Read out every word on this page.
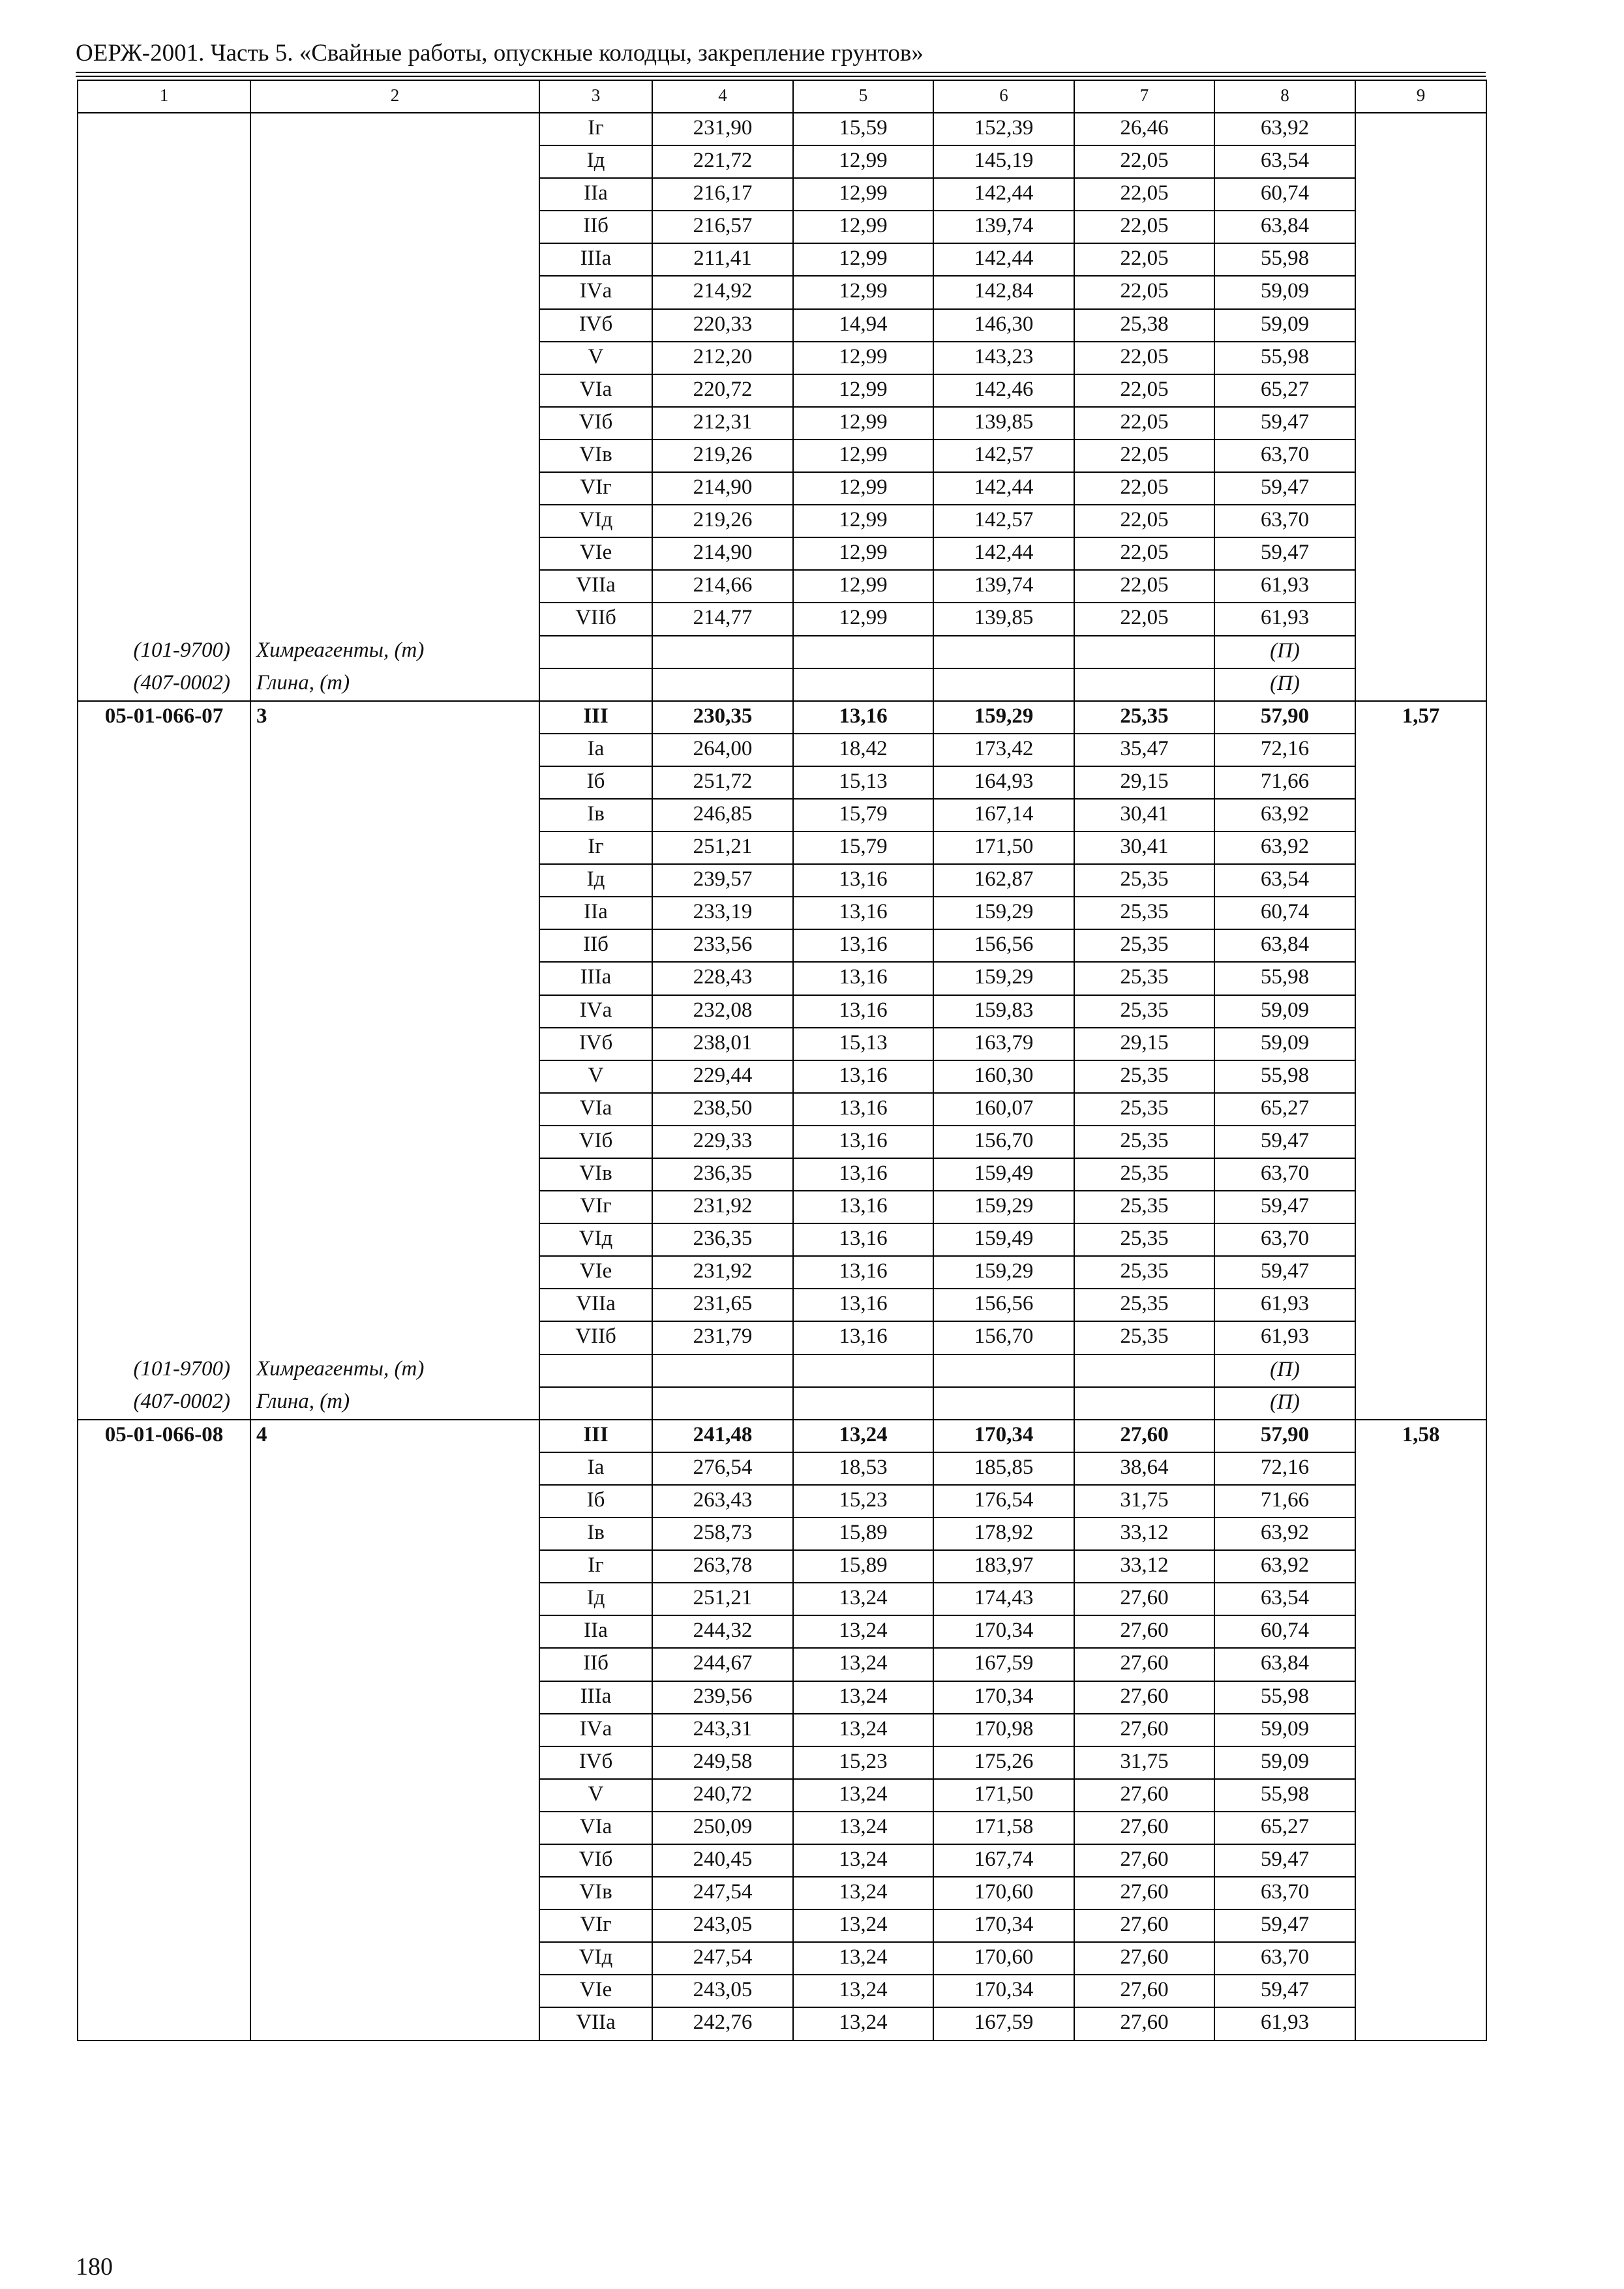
ОЕРЖ-2001. Часть 5. «Свайные работы, опускные колодцы, закрепление грунтов»
1	2	3	4	5	6	7	8	9
		Iг	231,90	15,59	152,39	26,46	63,92	
		Iд	221,72	12,99	145,19	22,05	63,54	
		IIа	216,17	12,99	142,44	22,05	60,74	
		IIб	216,57	12,99	139,74	22,05	63,84	
		IIIа	211,41	12,99	142,44	22,05	55,98	
		IVа	214,92	12,99	142,84	22,05	59,09	
		IVб	220,33	14,94	146,30	25,38	59,09	
		V	212,20	12,99	143,23	22,05	55,98	
		VIа	220,72	12,99	142,46	22,05	65,27	
		VIб	212,31	12,99	139,85	22,05	59,47	
		VIв	219,26	12,99	142,57	22,05	63,70	
		VIг	214,90	12,99	142,44	22,05	59,47	
		VIд	219,26	12,99	142,57	22,05	63,70	
		VIе	214,90	12,99	142,44	22,05	59,47	
		VIIа	214,66	12,99	139,74	22,05	61,93	
		VIIб	214,77	12,99	139,85	22,05	61,93	
(101-9700)	Химреагенты, (т)						(П)	
(407-0002)	Глина, (т)						(П)	
05-01-066-07	3	III	230,35	13,16	159,29	25,35	57,90	1,57
		Iа	264,00	18,42	173,42	35,47	72,16	
		Iб	251,72	15,13	164,93	29,15	71,66	
		Iв	246,85	15,79	167,14	30,41	63,92	
		Iг	251,21	15,79	171,50	30,41	63,92	
		Iд	239,57	13,16	162,87	25,35	63,54	
		IIа	233,19	13,16	159,29	25,35	60,74	
		IIб	233,56	13,16	156,56	25,35	63,84	
		IIIа	228,43	13,16	159,29	25,35	55,98	
		IVа	232,08	13,16	159,83	25,35	59,09	
		IVб	238,01	15,13	163,79	29,15	59,09	
		V	229,44	13,16	160,30	25,35	55,98	
		VIа	238,50	13,16	160,07	25,35	65,27	
		VIб	229,33	13,16	156,70	25,35	59,47	
		VIв	236,35	13,16	159,49	25,35	63,70	
		VIг	231,92	13,16	159,29	25,35	59,47	
		VIд	236,35	13,16	159,49	25,35	63,70	
		VIе	231,92	13,16	159,29	25,35	59,47	
		VIIа	231,65	13,16	156,56	25,35	61,93	
		VIIб	231,79	13,16	156,70	25,35	61,93	
(101-9700)	Химреагенты, (т)						(П)	
(407-0002)	Глина, (т)						(П)	
05-01-066-08	4	III	241,48	13,24	170,34	27,60	57,90	1,58
		Iа	276,54	18,53	185,85	38,64	72,16	
		Iб	263,43	15,23	176,54	31,75	71,66	
		Iв	258,73	15,89	178,92	33,12	63,92	
		Iг	263,78	15,89	183,97	33,12	63,92	
		Iд	251,21	13,24	174,43	27,60	63,54	
		IIа	244,32	13,24	170,34	27,60	60,74	
		IIб	244,67	13,24	167,59	27,60	63,84	
		IIIа	239,56	13,24	170,34	27,60	55,98	
		IVа	243,31	13,24	170,98	27,60	59,09	
		IVб	249,58	15,23	175,26	31,75	59,09	
		V	240,72	13,24	171,50	27,60	55,98	
		VIа	250,09	13,24	171,58	27,60	65,27	
		VIб	240,45	13,24	167,74	27,60	59,47	
		VIв	247,54	13,24	170,60	27,60	63,70	
		VIг	243,05	13,24	170,34	27,60	59,47	
		VIд	247,54	13,24	170,60	27,60	63,70	
		VIе	243,05	13,24	170,34	27,60	59,47	
		VIIа	242,76	13,24	167,59	27,60	61,93	
180
